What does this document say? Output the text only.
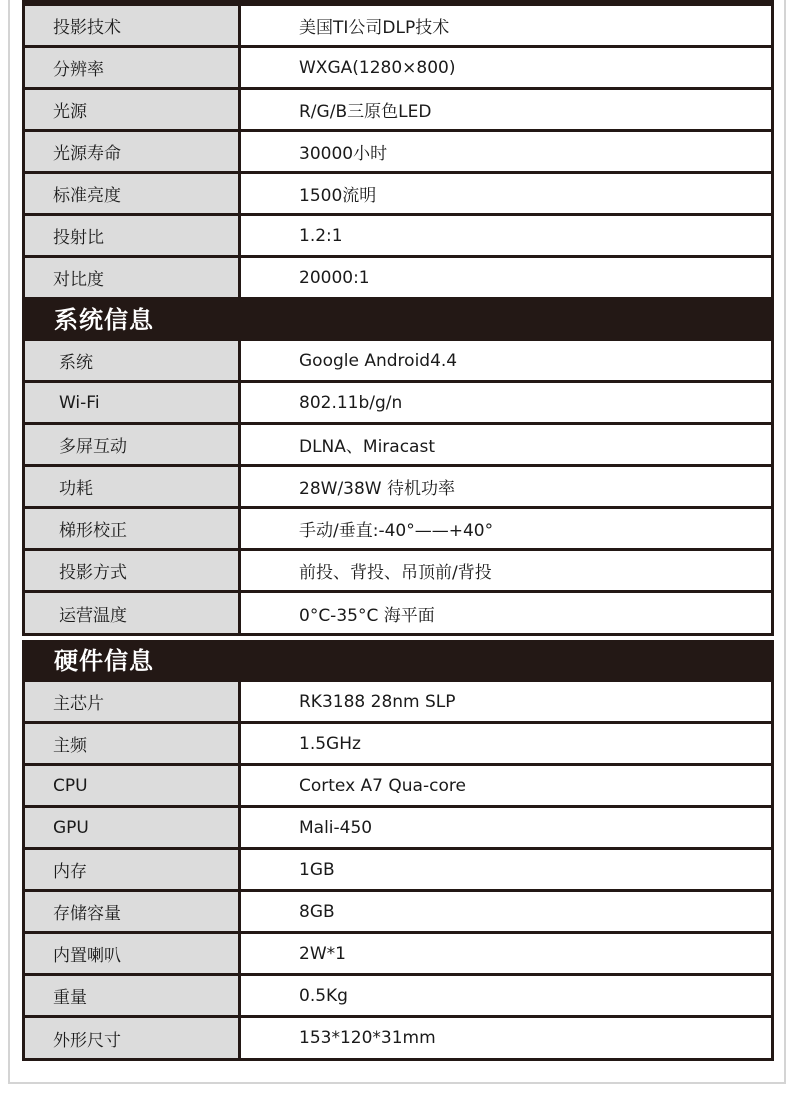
投影技术	美国TI公司DLP技术
分辨率	WXGA(1280×800)
光源	R/G/B三原色LED
光源寿命	30000小时
标准亮度	1500流明
投射比	1.2:1
对比度	20000:1
系统信息
系统	Google Android4.4
Wi-Fi	802.11b/g/n
多屏互动	DLNA、Miracast
功耗	28W/38W 待机功率
梯形校正	手动/垂直:-40°——+40°
投影方式	前投、背投、吊顶前/背投
运营温度	0°C-35°C 海平面
硬件信息
主芯片	RK3188 28nm SLP
主频	1.5GHz
CPU	Cortex A7 Qua-core
GPU	Mali-450
内存	1GB
存储容量	8GB
内置喇叭	2W*1
重量	0.5Kg
外形尺寸	153*120*31mm
